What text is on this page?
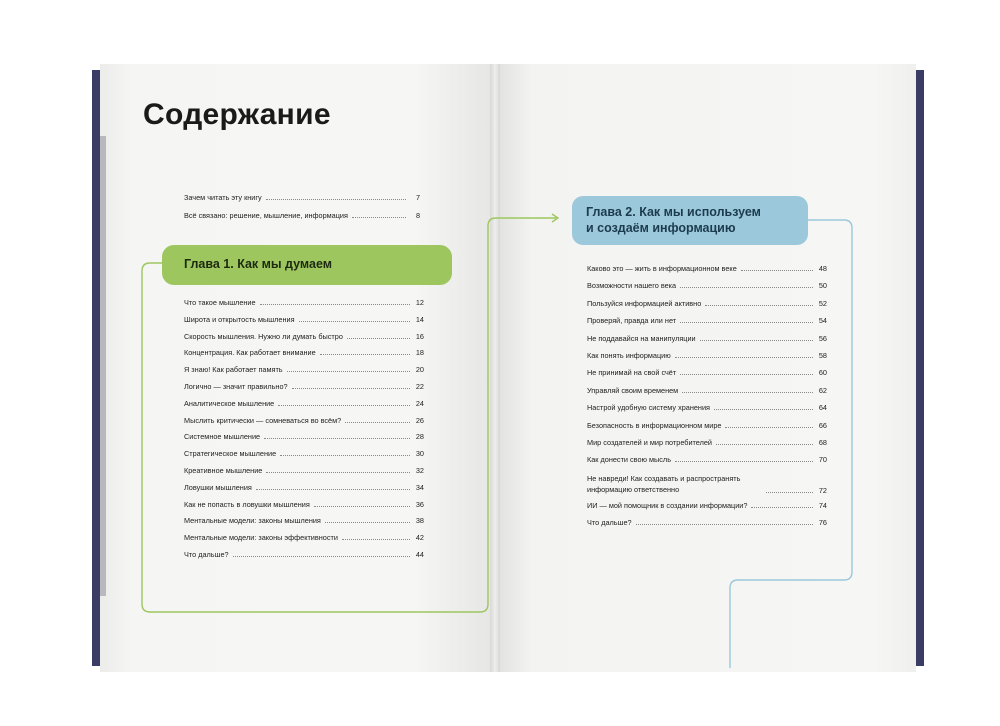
Содержание
Зачем читать эту книгу	7
Всё связано: решение, мышление, информация	8
Глава 1. Как мы думаем
Что такое мышление	12
Широта и открытость мышления	14
Скорость мышления. Нужно ли думать быстро	16
Концентрация. Как работает внимание	18
Я знаю! Как работает память	20
Логично — значит правильно?	22
Аналитическое мышление	24
Мыслить критически — сомневаться во всём?	26
Системное мышление	28
Стратегическое мышление	30
Креативное мышление	32
Ловушки мышления	34
Как не попасть в ловушки мышления	36
Ментальные модели: законы мышления	38
Ментальные модели: законы эффективности	42
Что дальше?	44
Глава 2. Как мы используем
и создаём информацию
Каково это — жить в информационном веке	48
Возможности нашего века	50
Пользуйся информацией активно	52
Проверяй, правда или нет	54
Не поддавайся на манипуляции	56
Как понять информацию	58
Не принимай на свой счёт	60
Управляй своим временем	62
Настрой удобную систему хранения	64
Безопасность в информационном мире	66
Мир создателей и мир потребителей	68
Как донести свою мысль	70
Не навреди! Как создавать и распространять информацию ответственно	72
ИИ — мой помощник в создании информации?	74
Что дальше?	76
